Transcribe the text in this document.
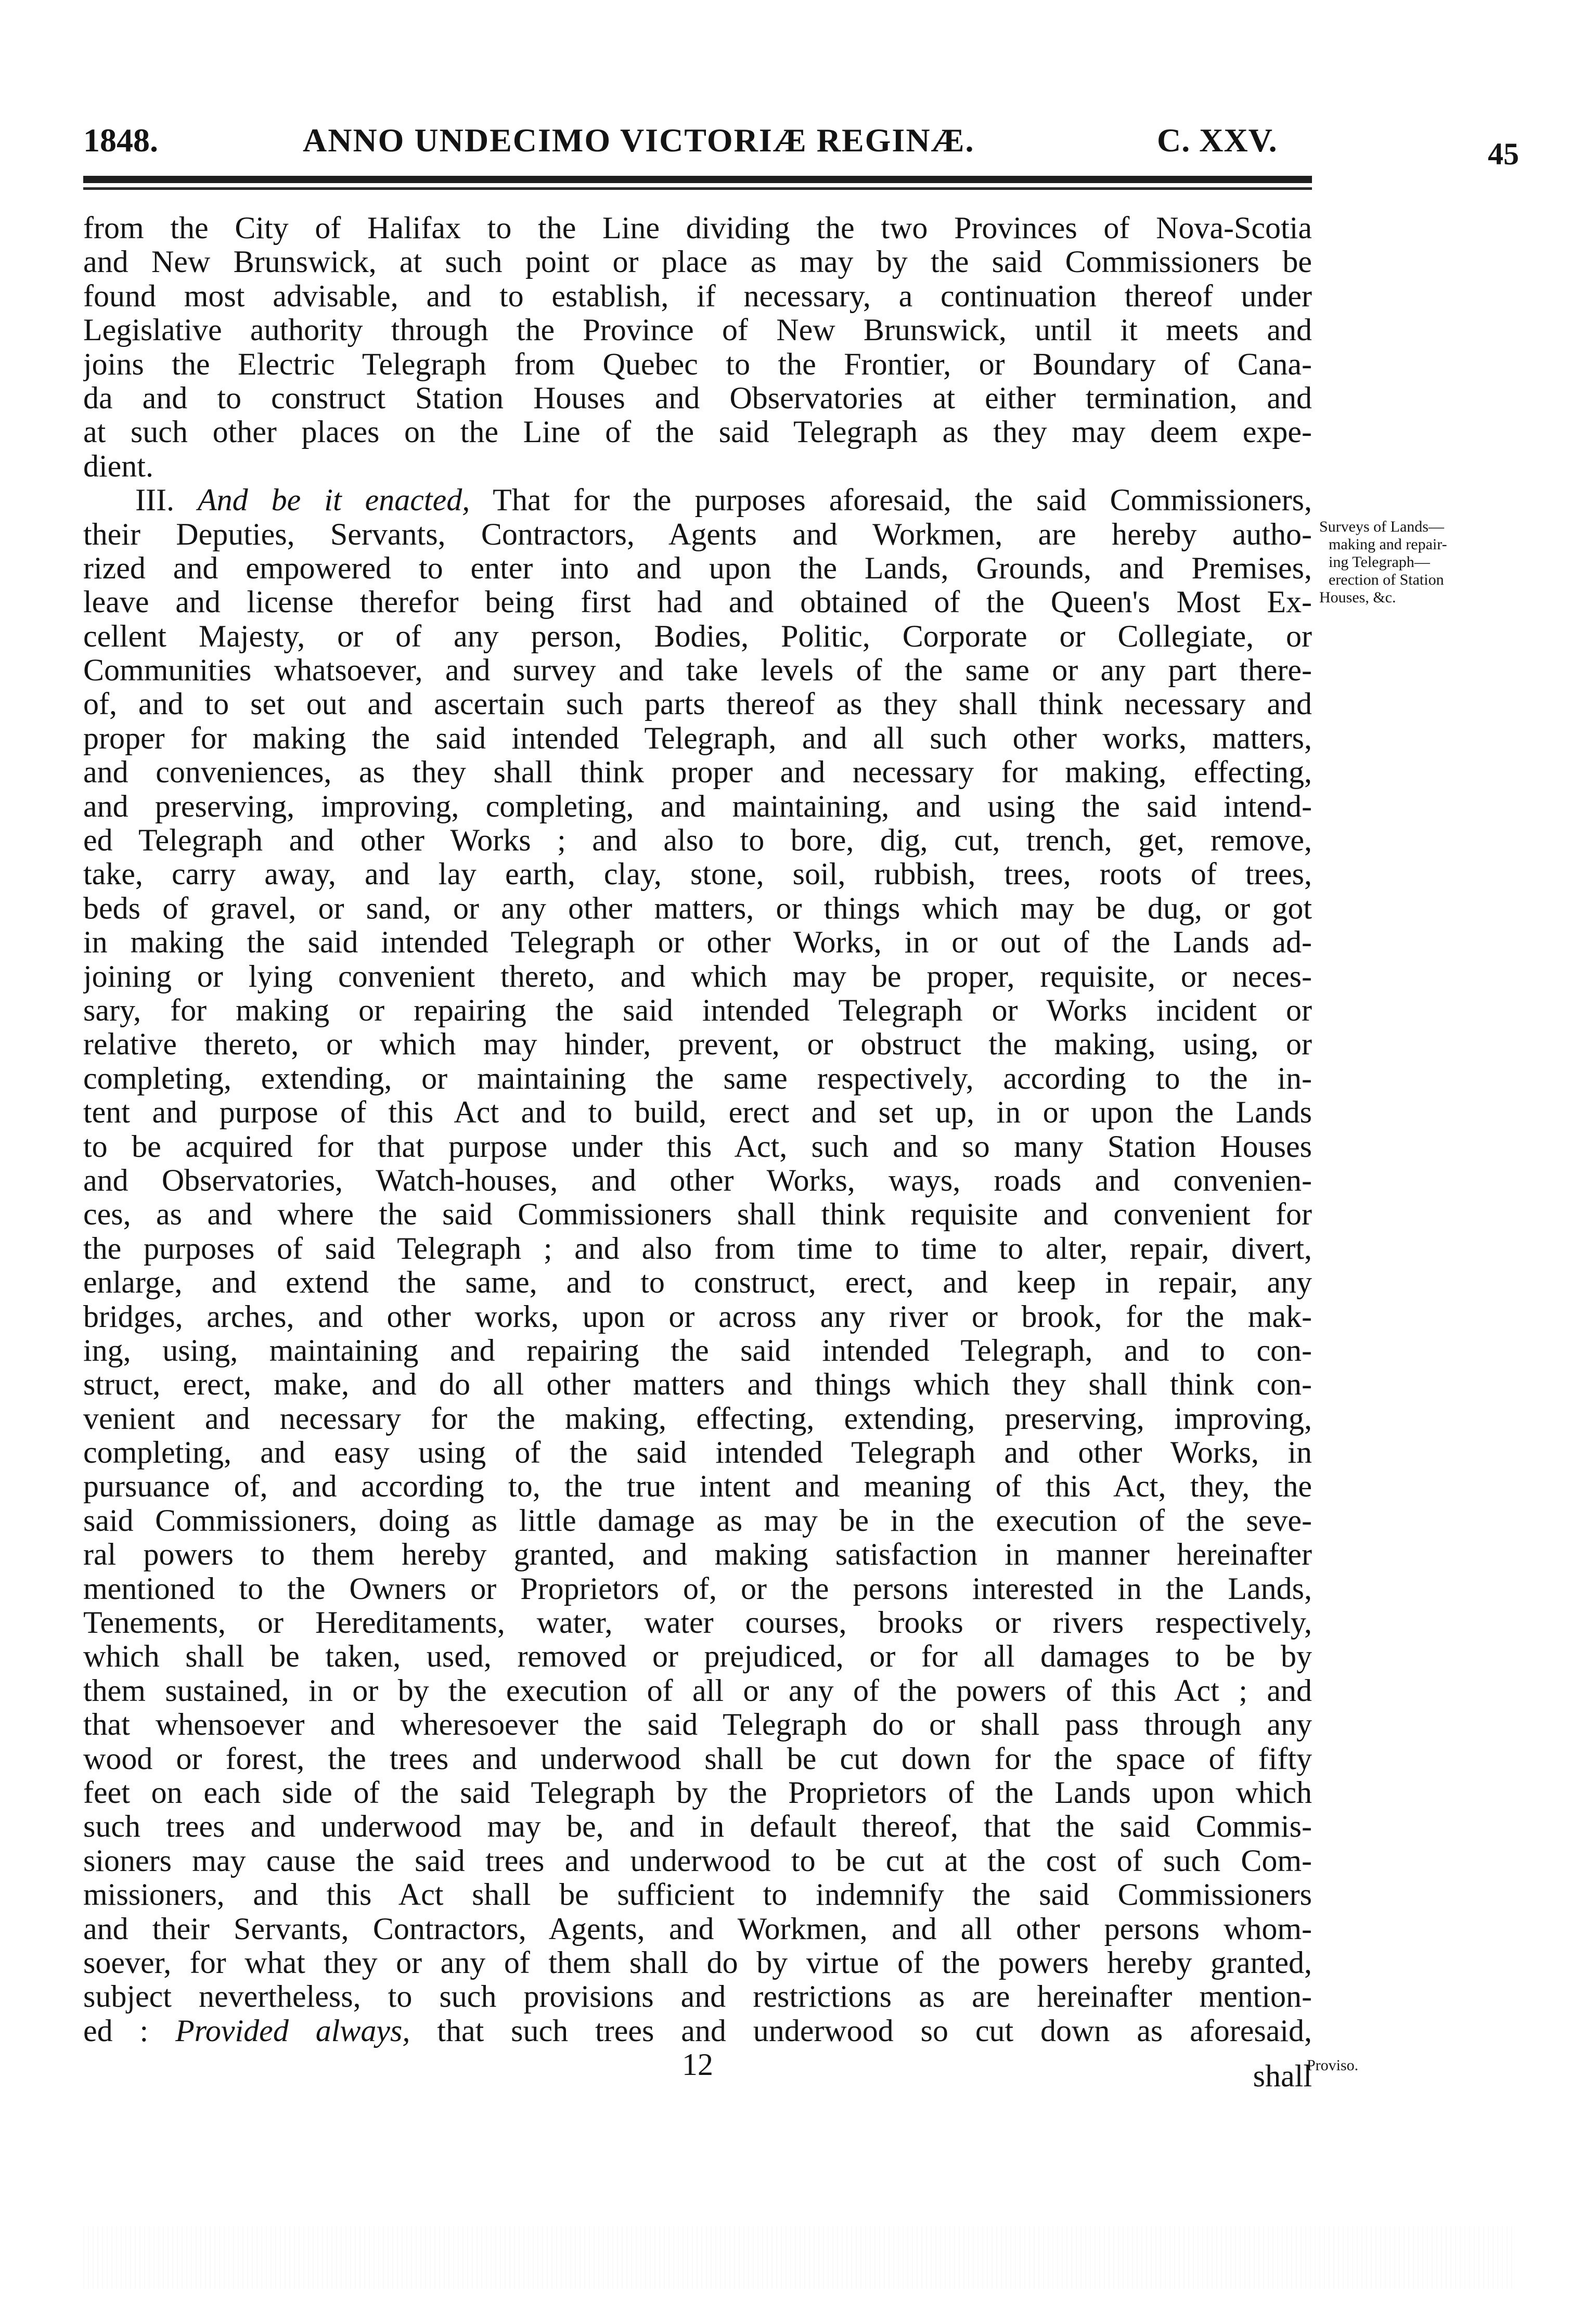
1848.	ANNO UNDECIMO VICTORIÆ REGINÆ.	C. XXV.	45
from the City of Halifax to the Line dividing the two Provinces of Nova-Scotia
and New Brunswick, at such point or place as may by the said Commissioners be
found most advisable, and to establish, if necessary, a continuation thereof under
Legislative authority through the Province of New Brunswick, until it meets and
joins the Electric Telegraph from Quebec to the Frontier, or Boundary of Cana-
da and to construct Station Houses and Observatories at either termination, and
at such other places on the Line of the said Telegraph as they may deem expe-
dient.
III. And be it enacted, That for the purposes aforesaid, the said Commissioners,
their Deputies, Servants, Contractors, Agents and Workmen, are hereby autho-
rized and empowered to enter into and upon the Lands, Grounds, and Premises,
leave and license therefor being first had and obtained of the Queen's Most Ex-
cellent Majesty, or of any person, Bodies, Politic, Corporate or Collegiate, or
Communities whatsoever, and survey and take levels of the same or any part there-
of, and to set out and ascertain such parts thereof as they shall think necessary and
proper for making the said intended Telegraph, and all such other works, matters,
and conveniences, as they shall think proper and necessary for making, effecting,
and preserving, improving, completing, and maintaining, and using the said intend-
ed Telegraph and other Works ; and also to bore, dig, cut, trench, get, remove,
take, carry away, and lay earth, clay, stone, soil, rubbish, trees, roots of trees,
beds of gravel, or sand, or any other matters, or things which may be dug, or got
in making the said intended Telegraph or other Works, in or out of the Lands ad-
joining or lying convenient thereto, and which may be proper, requisite, or neces-
sary, for making or repairing the said intended Telegraph or Works incident or
relative thereto, or which may hinder, prevent, or obstruct the making, using, or
completing, extending, or maintaining the same respectively, according to the in-
tent and purpose of this Act and to build, erect and set up, in or upon the Lands
to be acquired for that purpose under this Act, such and so many Station Houses
and Observatories, Watch-houses, and other Works, ways, roads and convenien-
ces, as and where the said Commissioners shall think requisite and convenient for
the purposes of said Telegraph ; and also from time to time to alter, repair, divert,
enlarge, and extend the same, and to construct, erect, and keep in repair, any
bridges, arches, and other works, upon or across any river or brook, for the mak-
ing, using, maintaining and repairing the said intended Telegraph, and to con-
struct, erect, make, and do all other matters and things which they shall think con-
venient and necessary for the making, effecting, extending, preserving, improving,
completing, and easy using of the said intended Telegraph and other Works, in
pursuance of, and according to, the true intent and meaning of this Act, they, the
said Commissioners, doing as little damage as may be in the execution of the seve-
ral powers to them hereby granted, and making satisfaction in manner hereinafter
mentioned to the Owners or Proprietors of, or the persons interested in the Lands,
Tenements, or Hereditaments, water, water courses, brooks or rivers respectively,
which shall be taken, used, removed or prejudiced, or for all damages to be by
them sustained, in or by the execution of all or any of the powers of this Act ; and
that whensoever and wheresoever the said Telegraph do or shall pass through any
wood or forest, the trees and underwood shall be cut down for the space of fifty
feet on each side of the said Telegraph by the Proprietors of the Lands upon which
such trees and underwood may be, and in default thereof, that the said Commis-
sioners may cause the said trees and underwood to be cut at the cost of such Com-
missioners, and this Act shall be sufficient to indemnify the said Commissioners
and their Servants, Contractors, Agents, and Workmen, and all other persons whom-
soever, for what they or any of them shall do by virtue of the powers hereby granted,
subject nevertheless, to such provisions and restrictions as are hereinafter mention-
ed : Provided always, that such trees and underwood so cut down as aforesaid,
12	shall
Surveys of Lands—
making and repair-
ing Telegraph—
erection of Station
Houses, &c.
Proviso.
